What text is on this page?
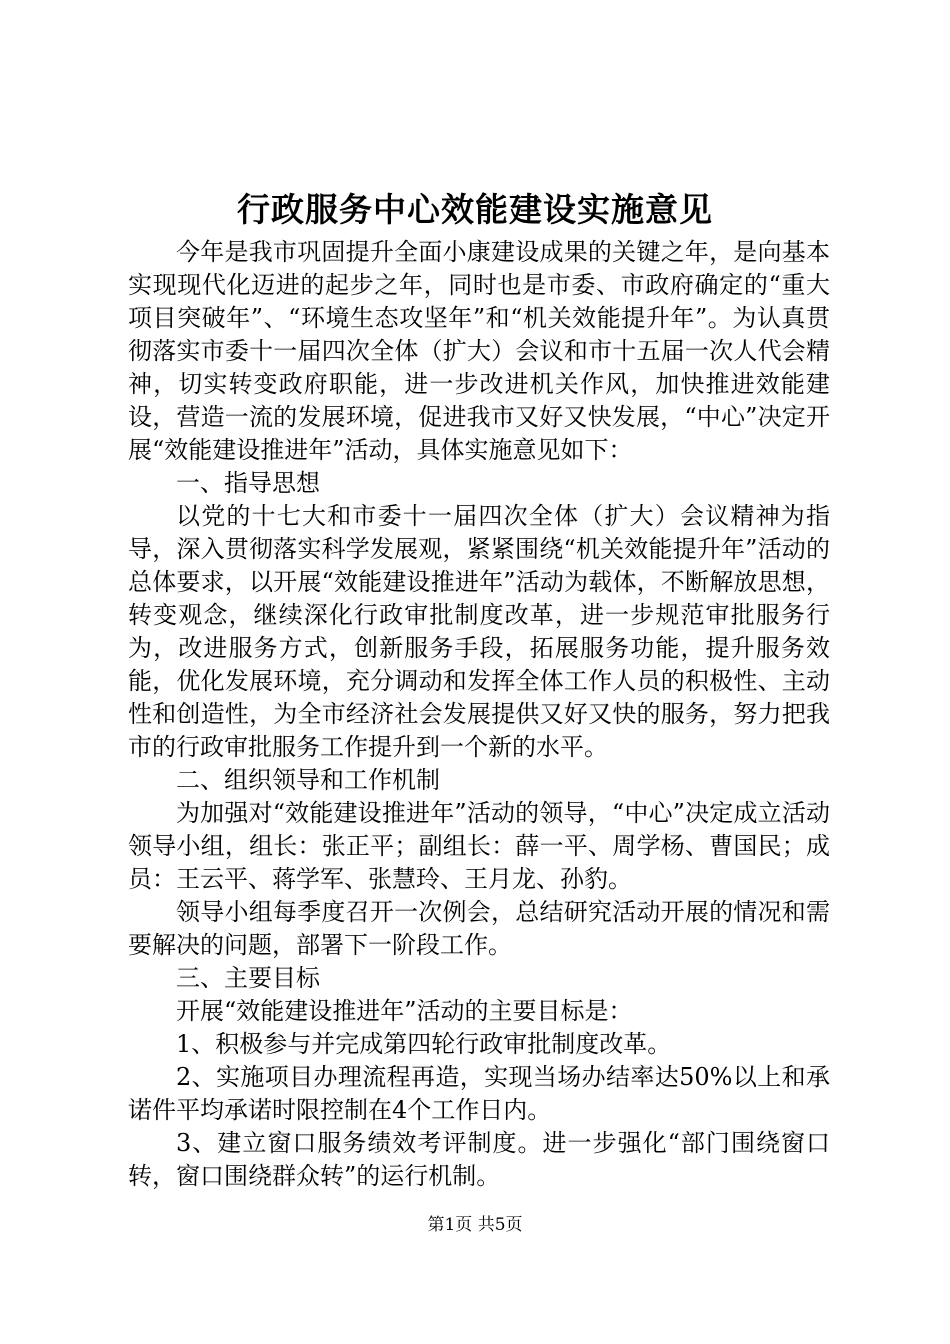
行政服务中心效能建设实施意见

今年是我市巩固提升全面小康建设成果的关键之年，是向基本实现现代化迈进的起步之年，同时也是市委、市政府确定的“重大项目突破年”、“环境生态攻坚年”和“机关效能提升年”。为认真贯彻落实市委十一届四次全体（扩大）会议和市十五届一次人代会精神，切实转变政府职能，进一步改进机关作风，加快推进效能建设，营造一流的发展环境，促进我市又好又快发展，“中心”决定开展“效能建设推进年”活动，具体实施意见如下：

一、指导思想

以党的十七大和市委十一届四次全体（扩大）会议精神为指导，深入贯彻落实科学发展观，紧紧围绕“机关效能提升年”活动的总体要求，以开展“效能建设推进年”活动为载体，不断解放思想，转变观念，继续深化行政审批制度改革，进一步规范审批服务行为，改进服务方式，创新服务手段，拓展服务功能，提升服务效能，优化发展环境，充分调动和发挥全体工作人员的积极性、主动性和创造性，为全市经济社会发展提供又好又快的服务，努力把我市的行政审批服务工作提升到一个新的水平。

二、组织领导和工作机制

为加强对“效能建设推进年”活动的领导，“中心”决定成立活动领导小组，组长：张正平；副组长：薛一平、周学杨、曹国民；成员：王云平、蒋学军、张慧玲、王月龙、孙豹。

领导小组每季度召开一次例会，总结研究活动开展的情况和需要解决的问题，部署下一阶段工作。

三、主要目标

开展“效能建设推进年”活动的主要目标是：

1、积极参与并完成第四轮行政审批制度改革。

2、实施项目办理流程再造，实现当场办结率达50%以上和承诺件平均承诺时限控制在4个工作日内。

3、建立窗口服务绩效考评制度。进一步强化“部门围绕窗口转，窗口围绕群众转”的运行机制。

第1页 共5页
